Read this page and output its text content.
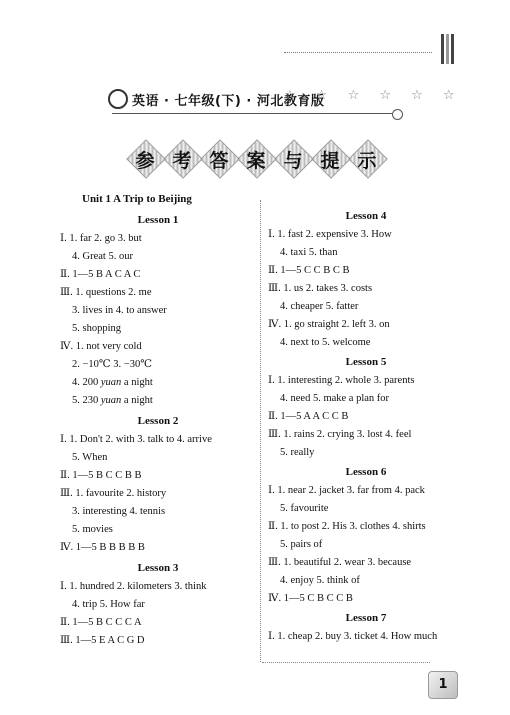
英语 · 七年级(下) · 河北教育版
☆ ☆ ☆ ☆ ☆ ☆
参 考 答 案 与 提 示
Unit 1 A Trip to Beijing
Lesson 1
Ⅰ. 1. far 2. go 3. but
4. Great 5. our
Ⅱ. 1—5 B A C A C
Ⅲ. 1. questions 2. me
3. lives in 4. to answer
5. shopping
Ⅳ. 1. not very cold
2. −10℃ 3. −30℃
4. 200 yuan a night
5. 230 yuan a night
Lesson 2
Ⅰ. 1. Don't 2. with 3. talk to 4. arrive
5. When
Ⅱ. 1—5 B C C B B
Ⅲ. 1. favourite 2. history
3. interesting 4. tennis
5. movies
Ⅳ. 1—5 B B B B B
Lesson 3
Ⅰ. 1. hundred 2. kilometers 3. think
4. trip 5. How far
Ⅱ. 1—5 B C C C A
Ⅲ. 1—5 E A C G D
Lesson 4
Ⅰ. 1. fast 2. expensive 3. How
4. taxi 5. than
Ⅱ. 1—5 C C B C B
Ⅲ. 1. us 2. takes 3. costs
4. cheaper 5. fatter
Ⅳ. 1. go straight 2. left 3. on
4. next to 5. welcome
Lesson 5
Ⅰ. 1. interesting 2. whole 3. parents
4. need 5. make a plan for
Ⅱ. 1—5 A A C C B
Ⅲ. 1. rains 2. crying 3. lost 4. feel
5. really
Lesson 6
Ⅰ. 1. near 2. jacket 3. far from 4. pack
5. favourite
Ⅱ. 1. to post 2. His 3. clothes 4. shirts
5. pairs of
Ⅲ. 1. beautiful 2. wear 3. because
4. enjoy 5. think of
Ⅳ. 1—5 C B C C B
Lesson 7
Ⅰ. 1. cheap 2. buy 3. ticket 4. How much
1
